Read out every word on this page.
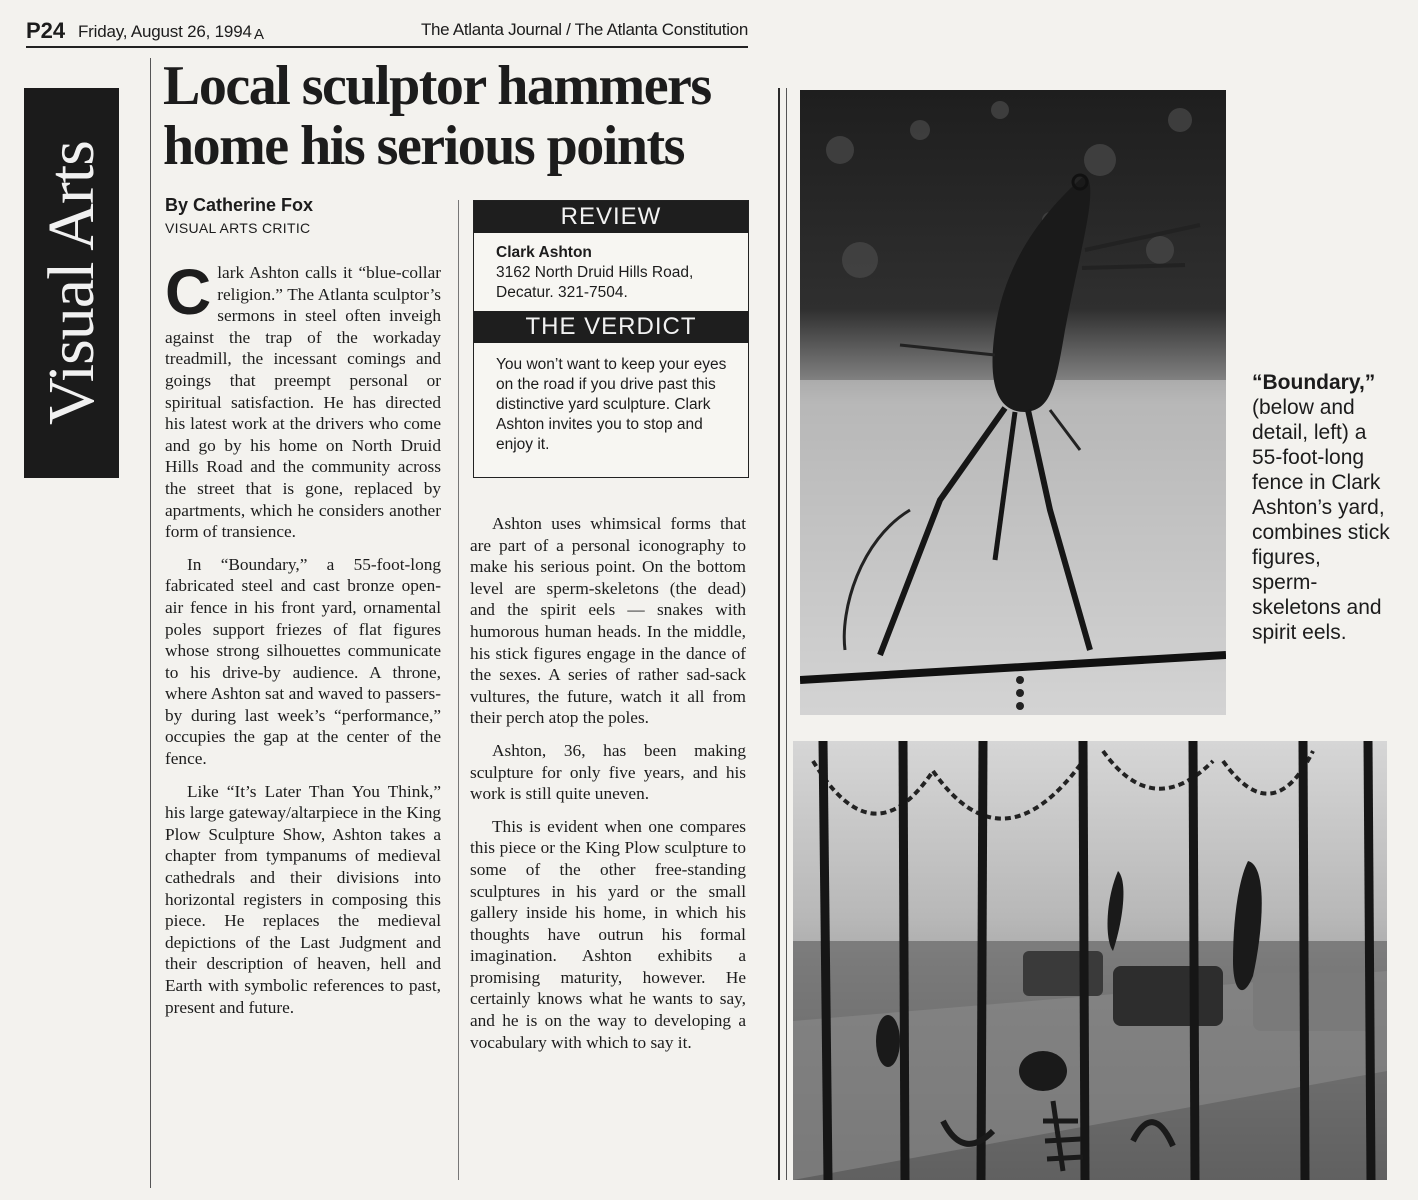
P24 Friday, August 26, 1994 A	The Atlanta Journal / The Atlanta Constitution
Visual Arts
Local sculptor hammers
home his serious points
By Catherine Fox
VISUAL ARTS CRITIC

Clark Ashton calls it “blue-collar religion.” The Atlanta sculptor’s sermons in steel often inveigh against the trap of the workaday treadmill, the incessant comings and goings that preempt personal or spiritual satisfaction. He has directed his latest work at the drivers who come and go by his home on North Druid Hills Road and the community across the street that is gone, replaced by apartments, which he considers another form of transience.

In “Boundary,” a 55-foot-long fabricated steel and cast bronze open-air fence in his front yard, ornamental poles support friezes of flat figures whose strong silhouettes communicate to his drive-by audience. A throne, where Ashton sat and waved to passers-by during last week’s “performance,” occupies the gap at the center of the fence.

Like “It’s Later Than You Think,” his large gateway/altarpiece in the King Plow Sculpture Show, Ashton takes a chapter from tympanums of medieval cathedrals and their divisions into horizontal registers in composing this piece. He replaces the medieval depictions of the Last Judgment and their description of heaven, hell and Earth with symbolic references to past, present and future.

REVIEW
Clark Ashton
3162 North Druid Hills Road, Decatur. 321-7504.
THE VERDICT
You won’t want to keep your eyes on the road if you drive past this distinctive yard sculpture. Clark Ashton invites you to stop and enjoy it.

Ashton uses whimsical forms that are part of a personal iconography to make his serious point. On the bottom level are sperm-skeletons (the dead) and the spirit eels — snakes with humorous human heads. In the middle, his stick figures engage in the dance of the sexes. A series of rather sad-sack vultures, the future, watch it all from their perch atop the poles.

Ashton, 36, has been making sculpture for only five years, and his work is still quite uneven.

This is evident when one compares this piece or the King Plow sculpture to some of the other free-standing sculptures in his yard or the small gallery inside his home, in which his thoughts have outrun his formal imagination. Ashton exhibits a promising maturity, however. He certainly knows what he wants to say, and he is on the way to developing a vocabulary with which to say it.

“Boundary,” (below and detail, left) a 55-foot-long fence in Clark Ashton’s yard, combines stick figures, sperm-skeletons and spirit eels.
